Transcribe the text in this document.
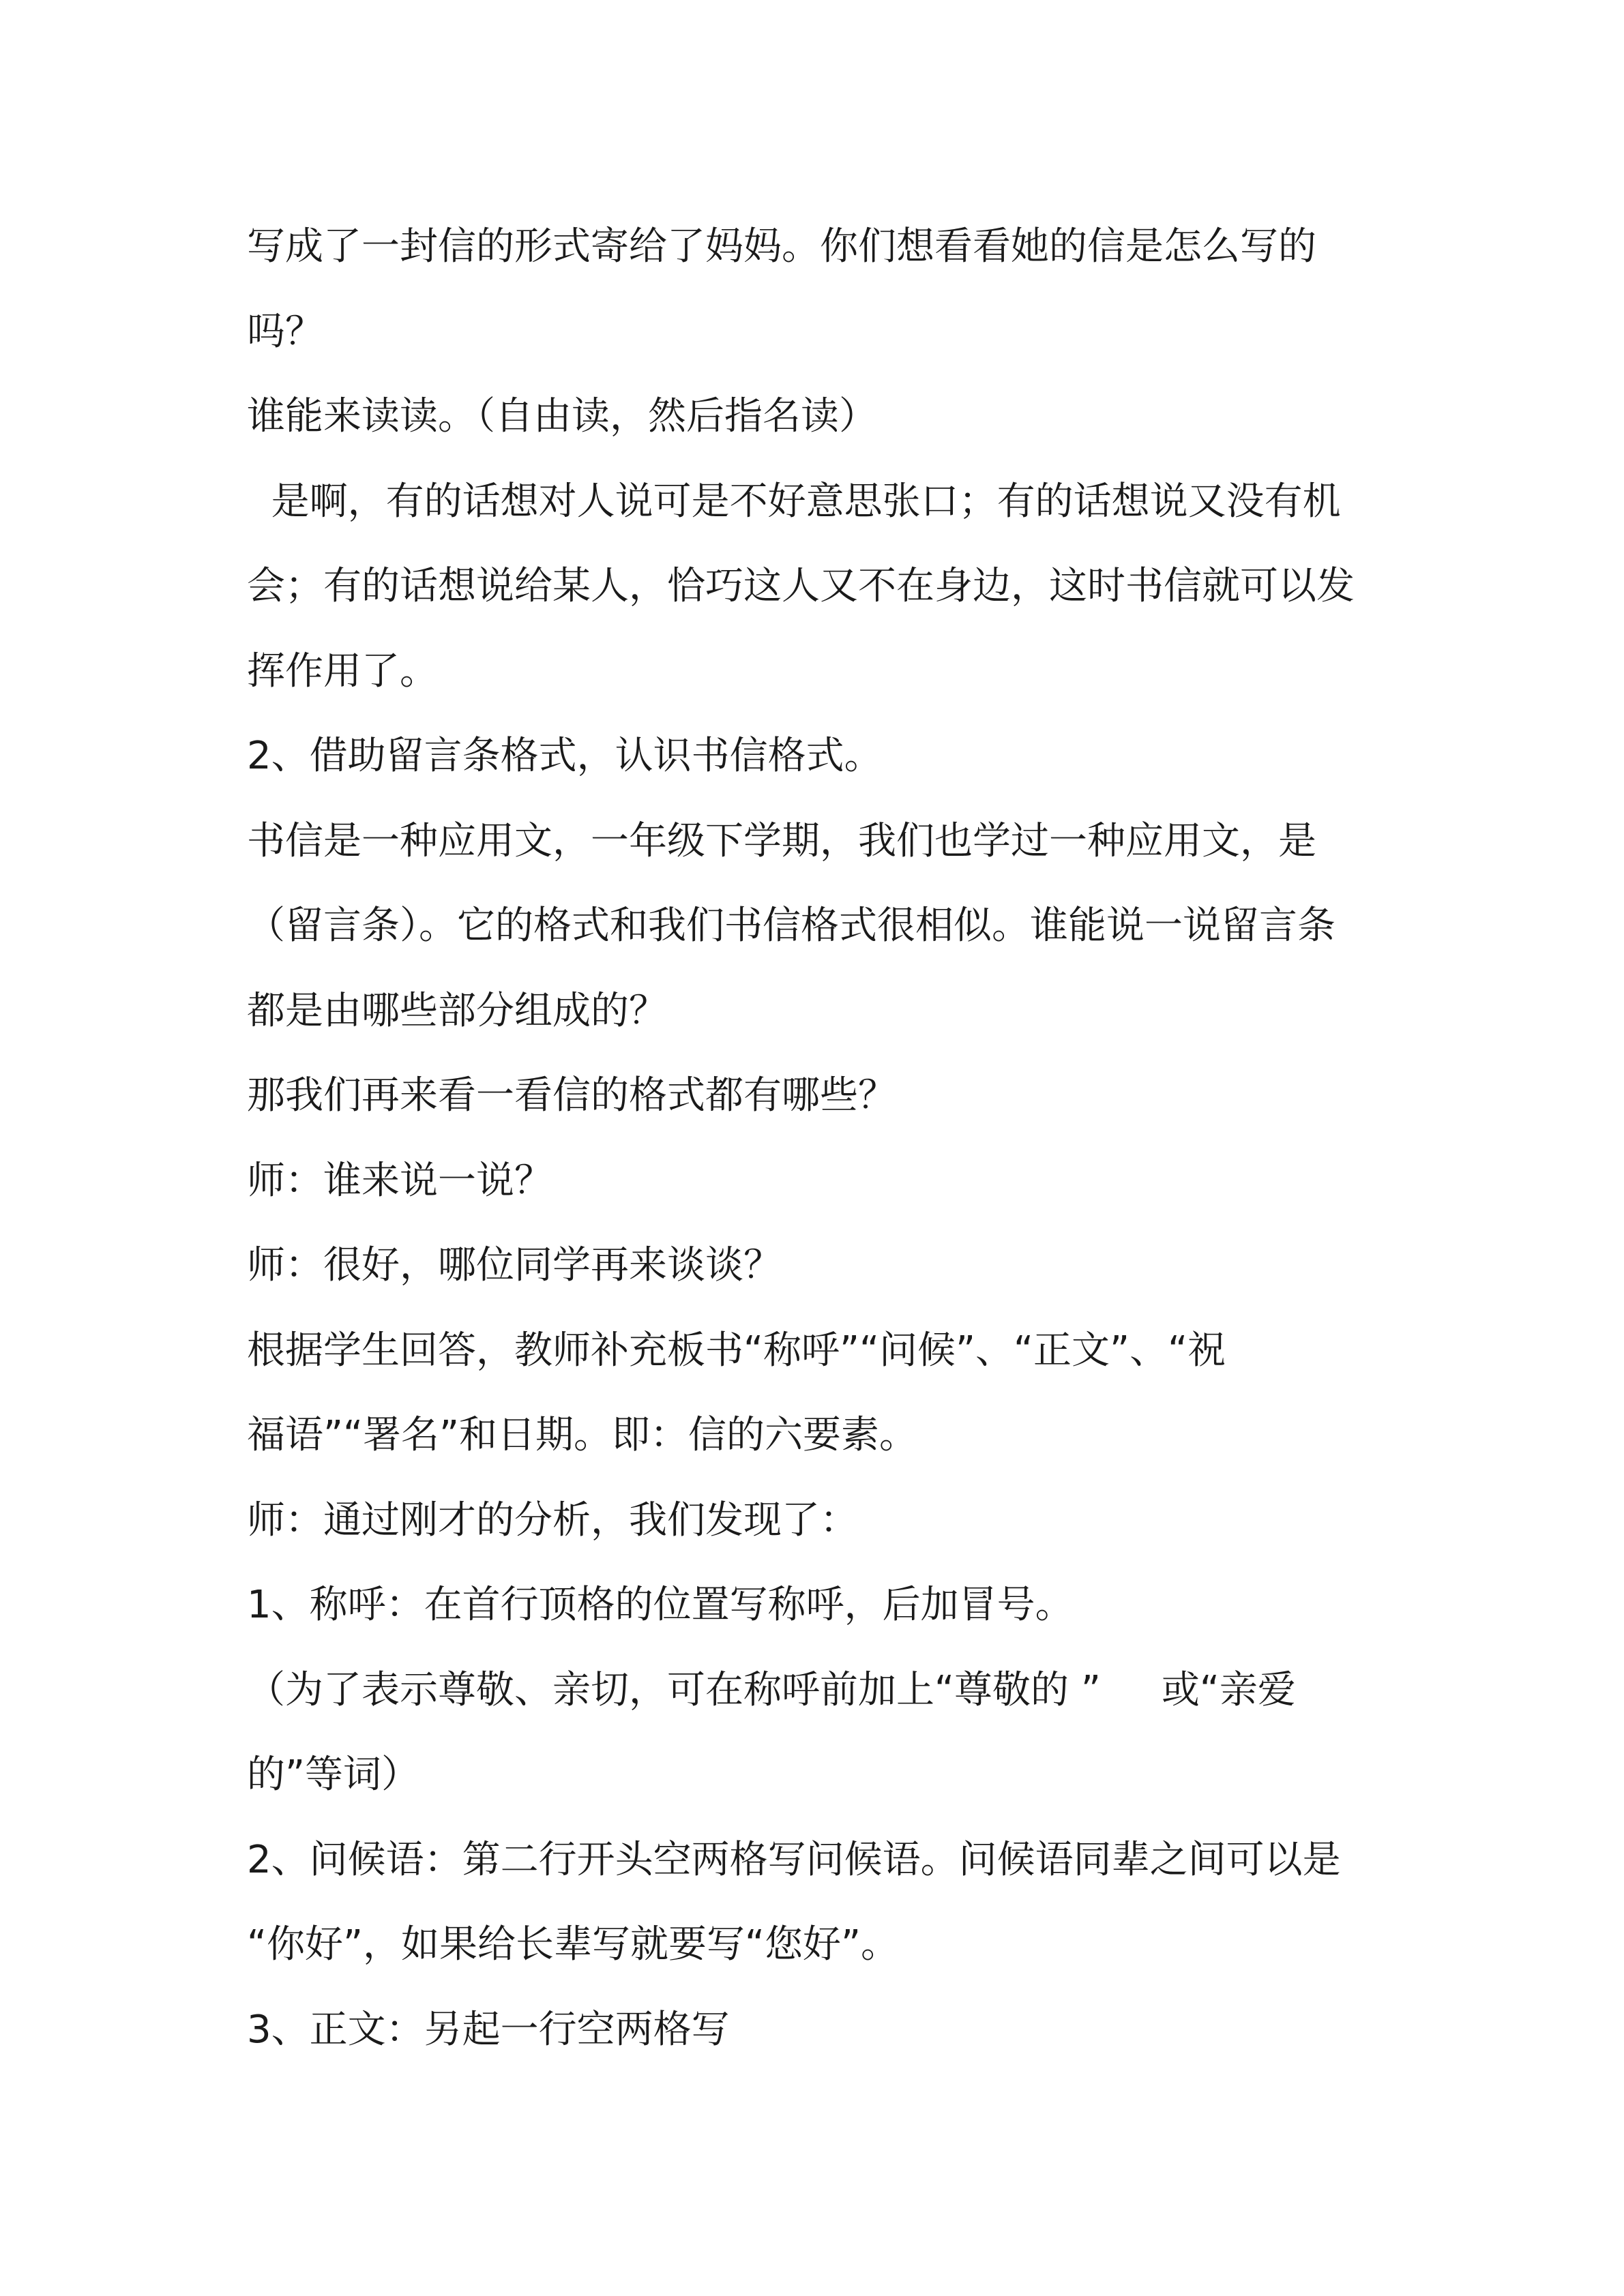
写成了一封信的形式寄给了妈妈。你们想看看她的信是怎么写的
吗？
谁能来读读。（自由读，然后指名读）
是啊，有的话想对人说可是不好意思张口；有的话想说又没有机
会；有的话想说给某人，恰巧这人又不在身边，这时书信就可以发
挥作用了。
2、借助留言条格式，认识书信格式。
书信是一种应用文，一年级下学期，我们也学过一种应用文，是
（留言条）。它的格式和我们书信格式很相似。谁能说一说留言条
都是由哪些部分组成的？
那我们再来看一看信的格式都有哪些？
师：谁来说一说？
师：很好，哪位同学再来谈谈？
根据学生回答，教师补充板书“称呼”“问候”、“正文”、“祝
福语”“署名”和日期。即：信的六要素。
师：通过刚才的分析，我们发现了：
1、称呼：在首行顶格的位置写称呼，后加冒号。
（为了表示尊敬、亲切，可在称呼前加上“尊敬的 ”     或“亲爱
的”等词）
2、问候语：第二行开头空两格写问候语。问候语同辈之间可以是
“你好”，如果给长辈写就要写“您好”。
3、正文：另起一行空两格写
